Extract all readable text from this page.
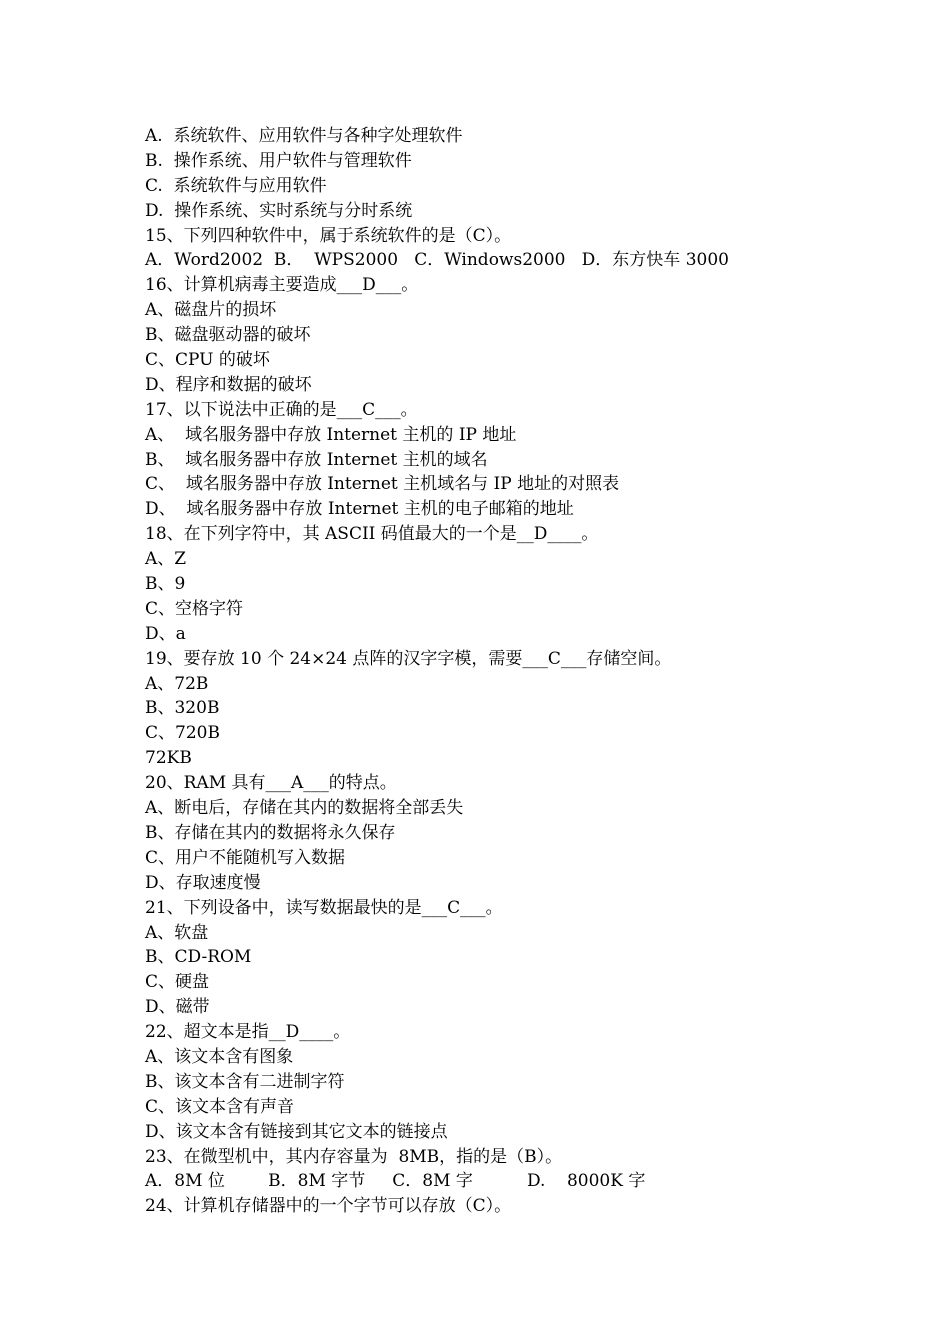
A.  系统软件、应用软件与各种字处理软件
B.  操作系统、用户软件与管理软件
C.  系统软件与应用软件
D.  操作系统、实时系统与分时系统
15、下列四种软件中，属于系统软件的是（C）。
A．Word2002  B．  WPS2000   C．Windows2000   D．东方快车 3000
16、计算机病毒主要造成___D___。
A、磁盘片的损坏
B、磁盘驱动器的破坏
C、CPU 的破坏
D、程序和数据的破坏
17、以下说法中正确的是___C___。
A、  域名服务器中存放 Internet 主机的 IP 地址
B、  域名服务器中存放 Internet 主机的域名
C、  域名服务器中存放 Internet 主机域名与 IP 地址的对照表
D、  域名服务器中存放 Internet 主机的电子邮箱的地址
18、在下列字符中，其 ASCII 码值最大的一个是__D____。
A、Z
B、9
C、空格字符
D、a
19、要存放 10 个 24×24 点阵的汉字字模，需要___C___存储空间。
A、72B
B、320B
C、720B
72KB
20、RAM 具有___A___的特点。
A、断电后，存储在其内的数据将全部丢失
B、存储在其内的数据将永久保存
C、用户不能随机写入数据
D、存取速度慢
21、下列设备中，读写数据最快的是___C___。
A、软盘
B、CD-ROM
C、硬盘
D、磁带
22、超文本是指__D____。
A、该文本含有图象
B、该文本含有二进制字符
C、该文本含有声音
D、该文本含有链接到其它文本的链接点
23、在微型机中，其内存容量为  8MB，指的是（B）。
A．8M 位        B．8M 字节     C．8M 字          D.    8000K 字
24、计算机存储器中的一个字节可以存放（C）。
